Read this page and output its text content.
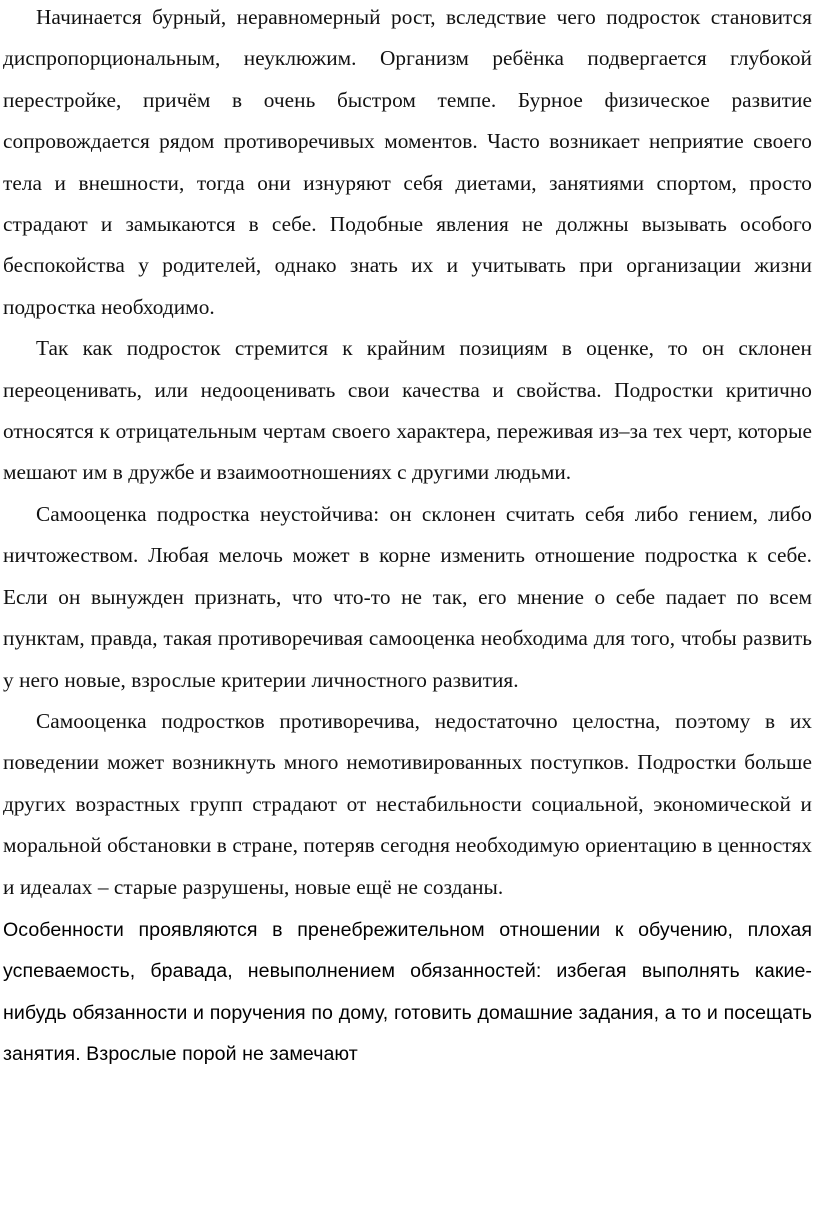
Начинается бурный, неравномерный рост, вследствие чего подросток становится диспропорциональным, неуклюжим. Организм ребёнка подвергается глубокой перестройке, причём в очень быстром темпе. Бурное физическое развитие сопровождается рядом противоречивых моментов. Часто возникает неприятие своего тела и внешности, тогда они изнуряют себя диетами, занятиями спортом, просто страдают и замыкаются в себе. Подобные явления не должны вызывать особого беспокойства у родителей, однако знать их и учитывать при организации жизни подростка необходимо.

Так как подросток стремится к крайним позициям в оценке, то он склонен переоценивать, или недооценивать свои качества и свойства. Подростки критично относятся к отрицательным чертам своего характера, переживая из–за тех черт, которые мешают им в дружбе и взаимоотношениях с другими людьми.

Самооценка подростка неустойчива: он склонен считать себя либо гением, либо ничтожеством. Любая мелочь может в корне изменить отношение подростка к себе. Если он вынужден признать, что что-то не так, его мнение о себе падает по всем пунктам, правда, такая противоречивая самооценка необходима для того, чтобы развить у него новые, взрослые критерии личностного развития.

Самооценка подростков противоречива, недостаточно целостна, поэтому в их поведении может возникнуть много немотивированных поступков. Подростки больше других возрастных групп страдают от нестабильности социальной, экономической и моральной обстановки в стране, потеряв сегодня необходимую ориентацию в ценностях и идеалах – старые разрушены, новые ещё не созданы.

Особенности проявляются в пренебрежительном отношении к обучению, плохая успеваемость, бравада, невыполнением обязанностей: избегая выполнять какие-нибудь обязанности и поручения по дому, готовить домашние задания, а то и посещать занятия. Взрослые порой не замечают
